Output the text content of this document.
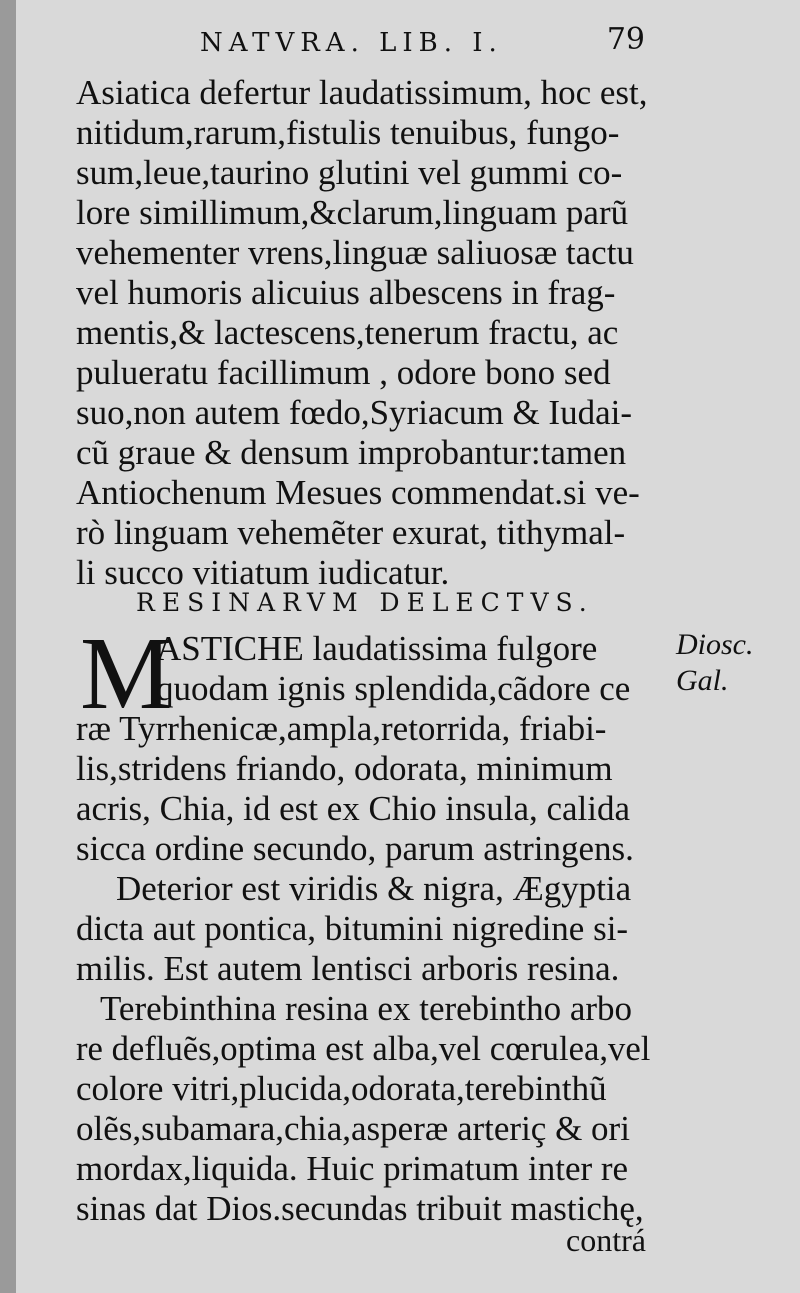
NATVRA. LIB. I.	79
Asiatica defertur laudatissimum, hoc est,
nitidum,rarum,fistulis tenuibus, fungo-
sum,leue,taurino glutini vel gummi co-
lore simillimum,&clarum,linguam parũ
vehementer vrens,linguæ saliuosæ tactu
vel humoris alicuius albescens in frag-
mentis,& lactescens,tenerum fractu, ac
pulueratu facillimum , odore bono sed
suo,non autem fœdo,Syriacum & Iudai-
cũ graue & densum improbantur:tamen
Antiochenum Mesues commendat.si ve-
rò linguam vehemẽter exurat, tithymal-
li succo vitiatum iudicatur.
RESINARVM DELECTVS.
M
ASTICHE laudatissima fulgore
quodam ignis splendida,cãdore ce
ræ Tyrrhenicæ,ampla,retorrida, friabi-
lis,stridens friando, odorata, minimum
acris, Chia, id est ex Chio insula, calida
sicca ordine secundo, parum astringens.
Deterior est viridis & nigra, Ægyptia
dicta aut pontica, bitumini nigredine si-
milis. Est autem lentisci arboris resina.
Terebinthina resina ex terebintho arbo
re defluẽs,optima est alba,vel cœrulea,vel
colore vitri,plucida,odorata,terebinthũ
olẽs,subamara,chia,asperæ arteriç & ori
mordax,liquida. Huic primatum inter re
sinas dat Dios.secundas tribuit mastichę,
contrá
Diosc.
Gal.
